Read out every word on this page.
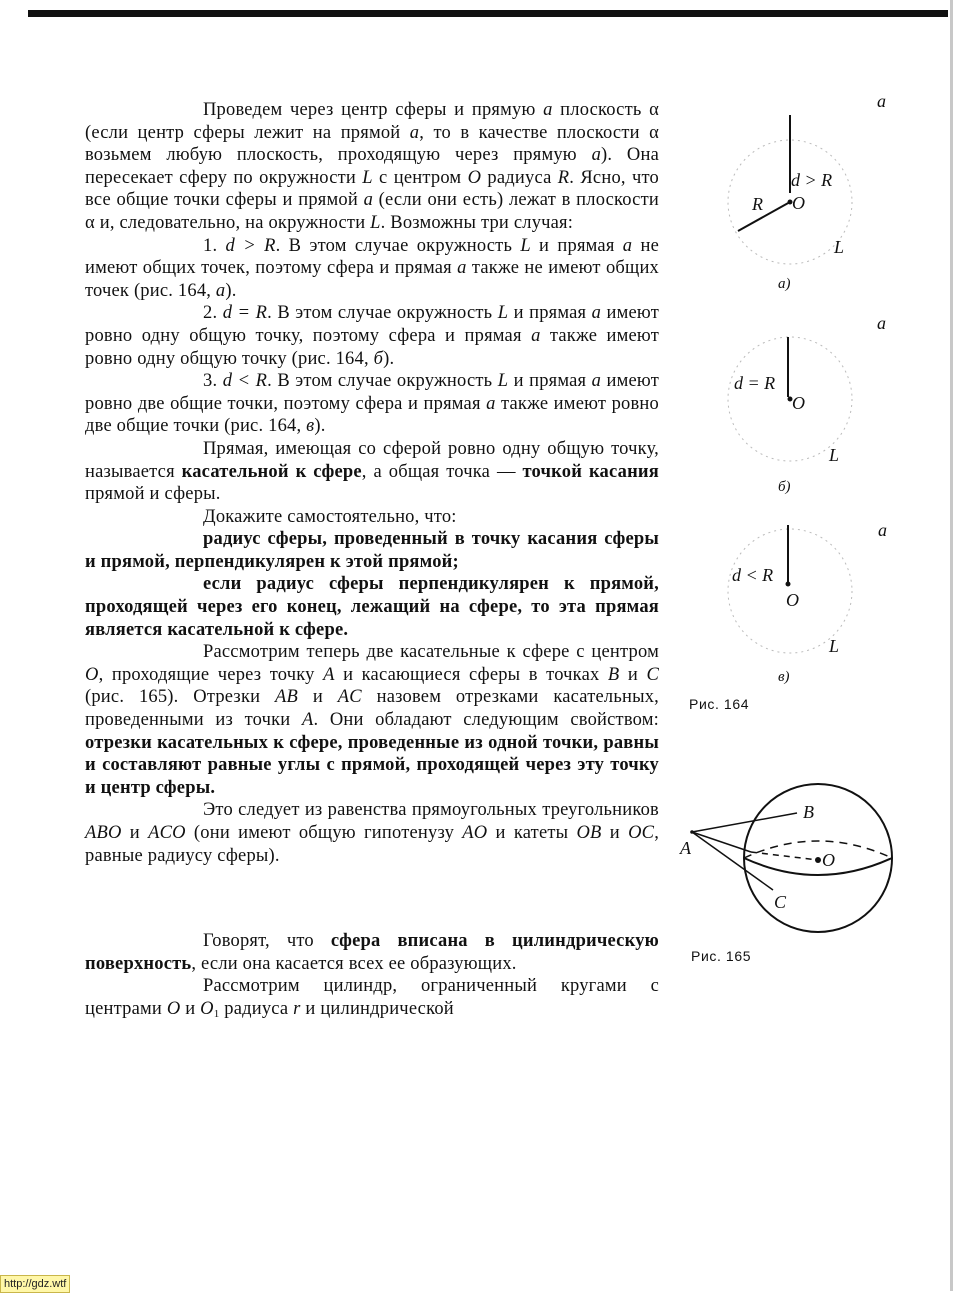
Проведем через центр сферы и прямую a плоскость α (если центр сферы лежит на прямой a, то в качестве плоскости α возьмем любую плоскость, проходящую через прямую a). Она пересекает сферу по окружности L с центром O радиуса R. Ясно, что все общие точки сферы и прямой a (если они есть) лежат в плоскости α и, следовательно, на окружности L. Возможны три случая:

1. d > R. В этом случае окружность L и прямая a не имеют общих точек, поэтому сфера и прямая a также не имеют общих точек (рис. 164, а).

2. d = R. В этом случае окружность L и прямая a имеют ровно одну общую точку, поэтому сфера и прямая a также имеют ровно одну общую точку (рис. 164, б).

3. d < R. В этом случае окружность L и прямая a имеют ровно две общие точки, поэтому сфера и прямая a также имеют ровно две общие точки (рис. 164, в).

Прямая, имеющая со сферой ровно одну общую точку, называется касательной к сфере, а общая точка — точкой касания прямой и сферы.

Докажите самостоятельно, что:

радиус сферы, проведенный в точку касания сферы и прямой, перпендикулярен к этой прямой;

если радиус сферы перпендикулярен к прямой, проходящей через его конец, лежащий на сфере, то эта прямая является касательной к сфере.

Рассмотрим теперь две касательные к сфере с центром O, проходящие через точку A и касающиеся сферы в точках B и C (рис. 165). Отрезки AB и AC назовем отрезками касательных, проведенными из точки A. Они обладают следующим свойством: отрезки касательных к сфере, проведенные из одной точки, равны и составляют равные углы с прямой, проходящей через эту точку и центр сферы.

Это следует из равенства прямоугольных треугольников ABO и ACO (они имеют общую гипотенузу AO и катеты OB и OC, равные радиусу сферы).

Говорят, что сфера вписана в цилиндрическую поверхность, если она касается всех ее образующих.

Рассмотрим цилиндр, ограниченный кругами с центрами O и $O_1$ радиуса r и цилиндрической

a
d > R
R O
L
а)
a
d = R
O
L
б)
a
d < R
O
L
в)
Рис. 164
A
B
C
O
Рис. 165
http://gdz.wtf
